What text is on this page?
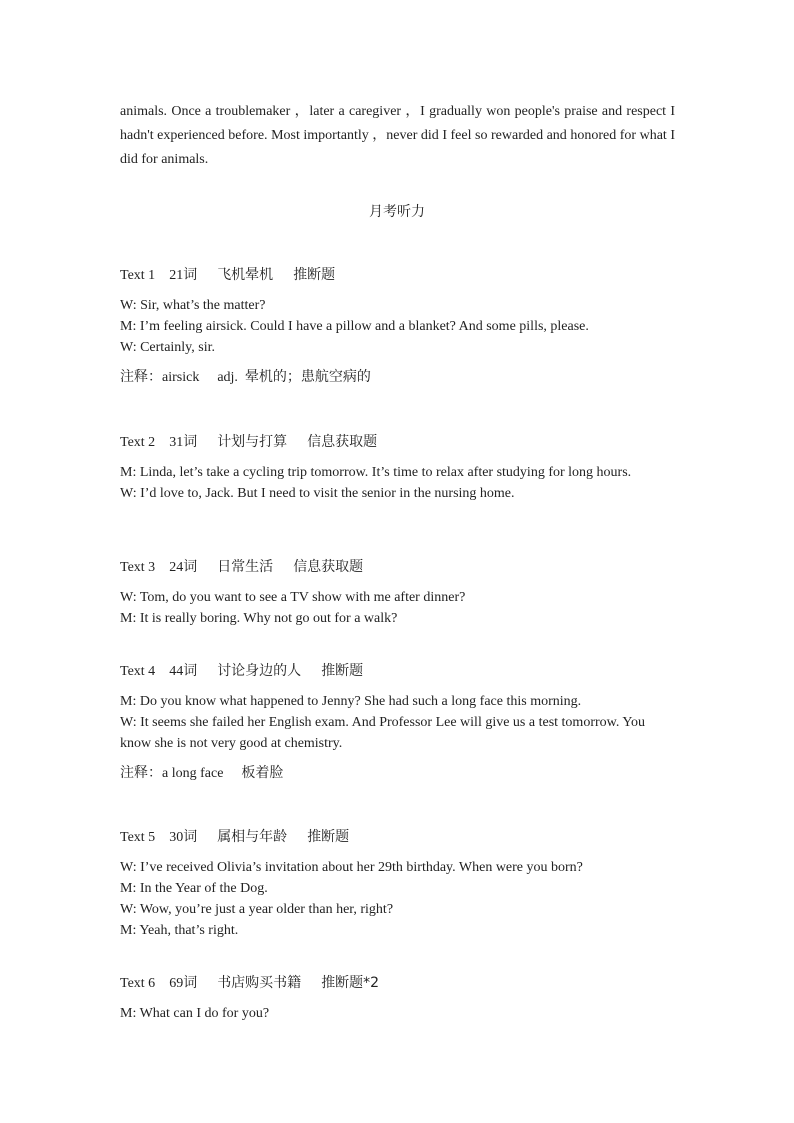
animals. Once a troublemaker ，later a caregiver ，I gradually won people's praise and respect I hadn't experienced before. Most importantly ，never did I feel so rewarded and honored for what I did for animals.

月考听力
Text 1 21词 飞机晕机 推断题
W: Sir, what’s the matter?
M: I’m feeling airsick. Could I have a pillow and a blanket? And some pills, please.
W: Certainly, sir.
注释：airsick adj. 晕机的；患航空病的
Text 2 31词 计划与打算 信息获取题
M: Linda, let’s take a cycling trip tomorrow. It’s time to relax after studying for long hours.
W: I’d love to, Jack. But I need to visit the senior in the nursing home.
Text 3 24词 日常生活 信息获取题
W: Tom, do you want to see a TV show with me after dinner?
M: It is really boring. Why not go out for a walk?
Text 4 44词 讨论身边的人 推断题
M: Do you know what happened to Jenny? She had such a long face this morning.
W: It seems she failed her English exam. And Professor Lee will give us a test tomorrow. You know she is not very good at chemistry.
注释：a long face 板着脸
Text 5 30词 属相与年龄 推断题
W: I’ve received Olivia’s invitation about her 29th birthday. When were you born?
M: In the Year of the Dog.
W: Wow, you’re just a year older than her, right?
M: Yeah, that’s right.
Text 6 69词 书店购买书籍 推断题*2
M: What can I do for you?
